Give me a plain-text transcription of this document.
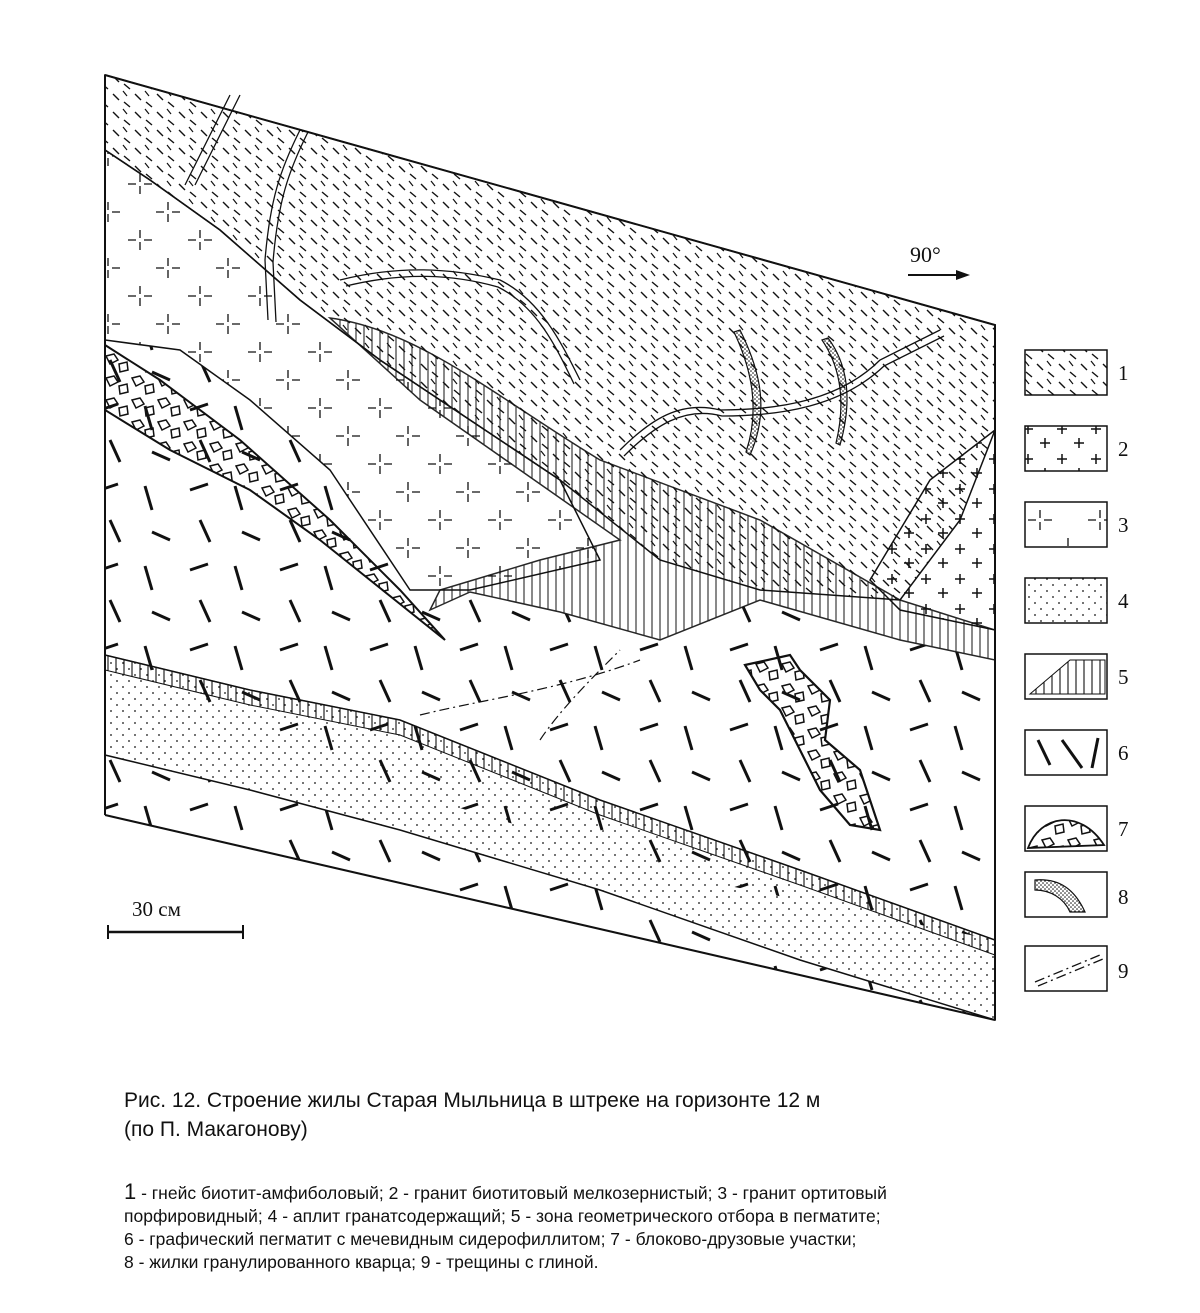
90°
30 см
1
2
3
4
5
6
7
8
9
Рис. 12. Строение жилы Старая Мыльница в штреке на горизонте 12 м
(по П. Макагонову)
1 - гнейс биотит-амфиболовый; 2 - гранит биотитовый мелкозернистый; 3 - гранит ортитовый
порфировидный; 4 - аплит гранатсодержащий; 5 - зона геометрического отбора в пегматите;
6 - графический пегматит с мечевидным сидерофиллитом; 7 - блоково-друзовые участки;
8 - жилки гранулированного кварца; 9 - трещины с глиной.
